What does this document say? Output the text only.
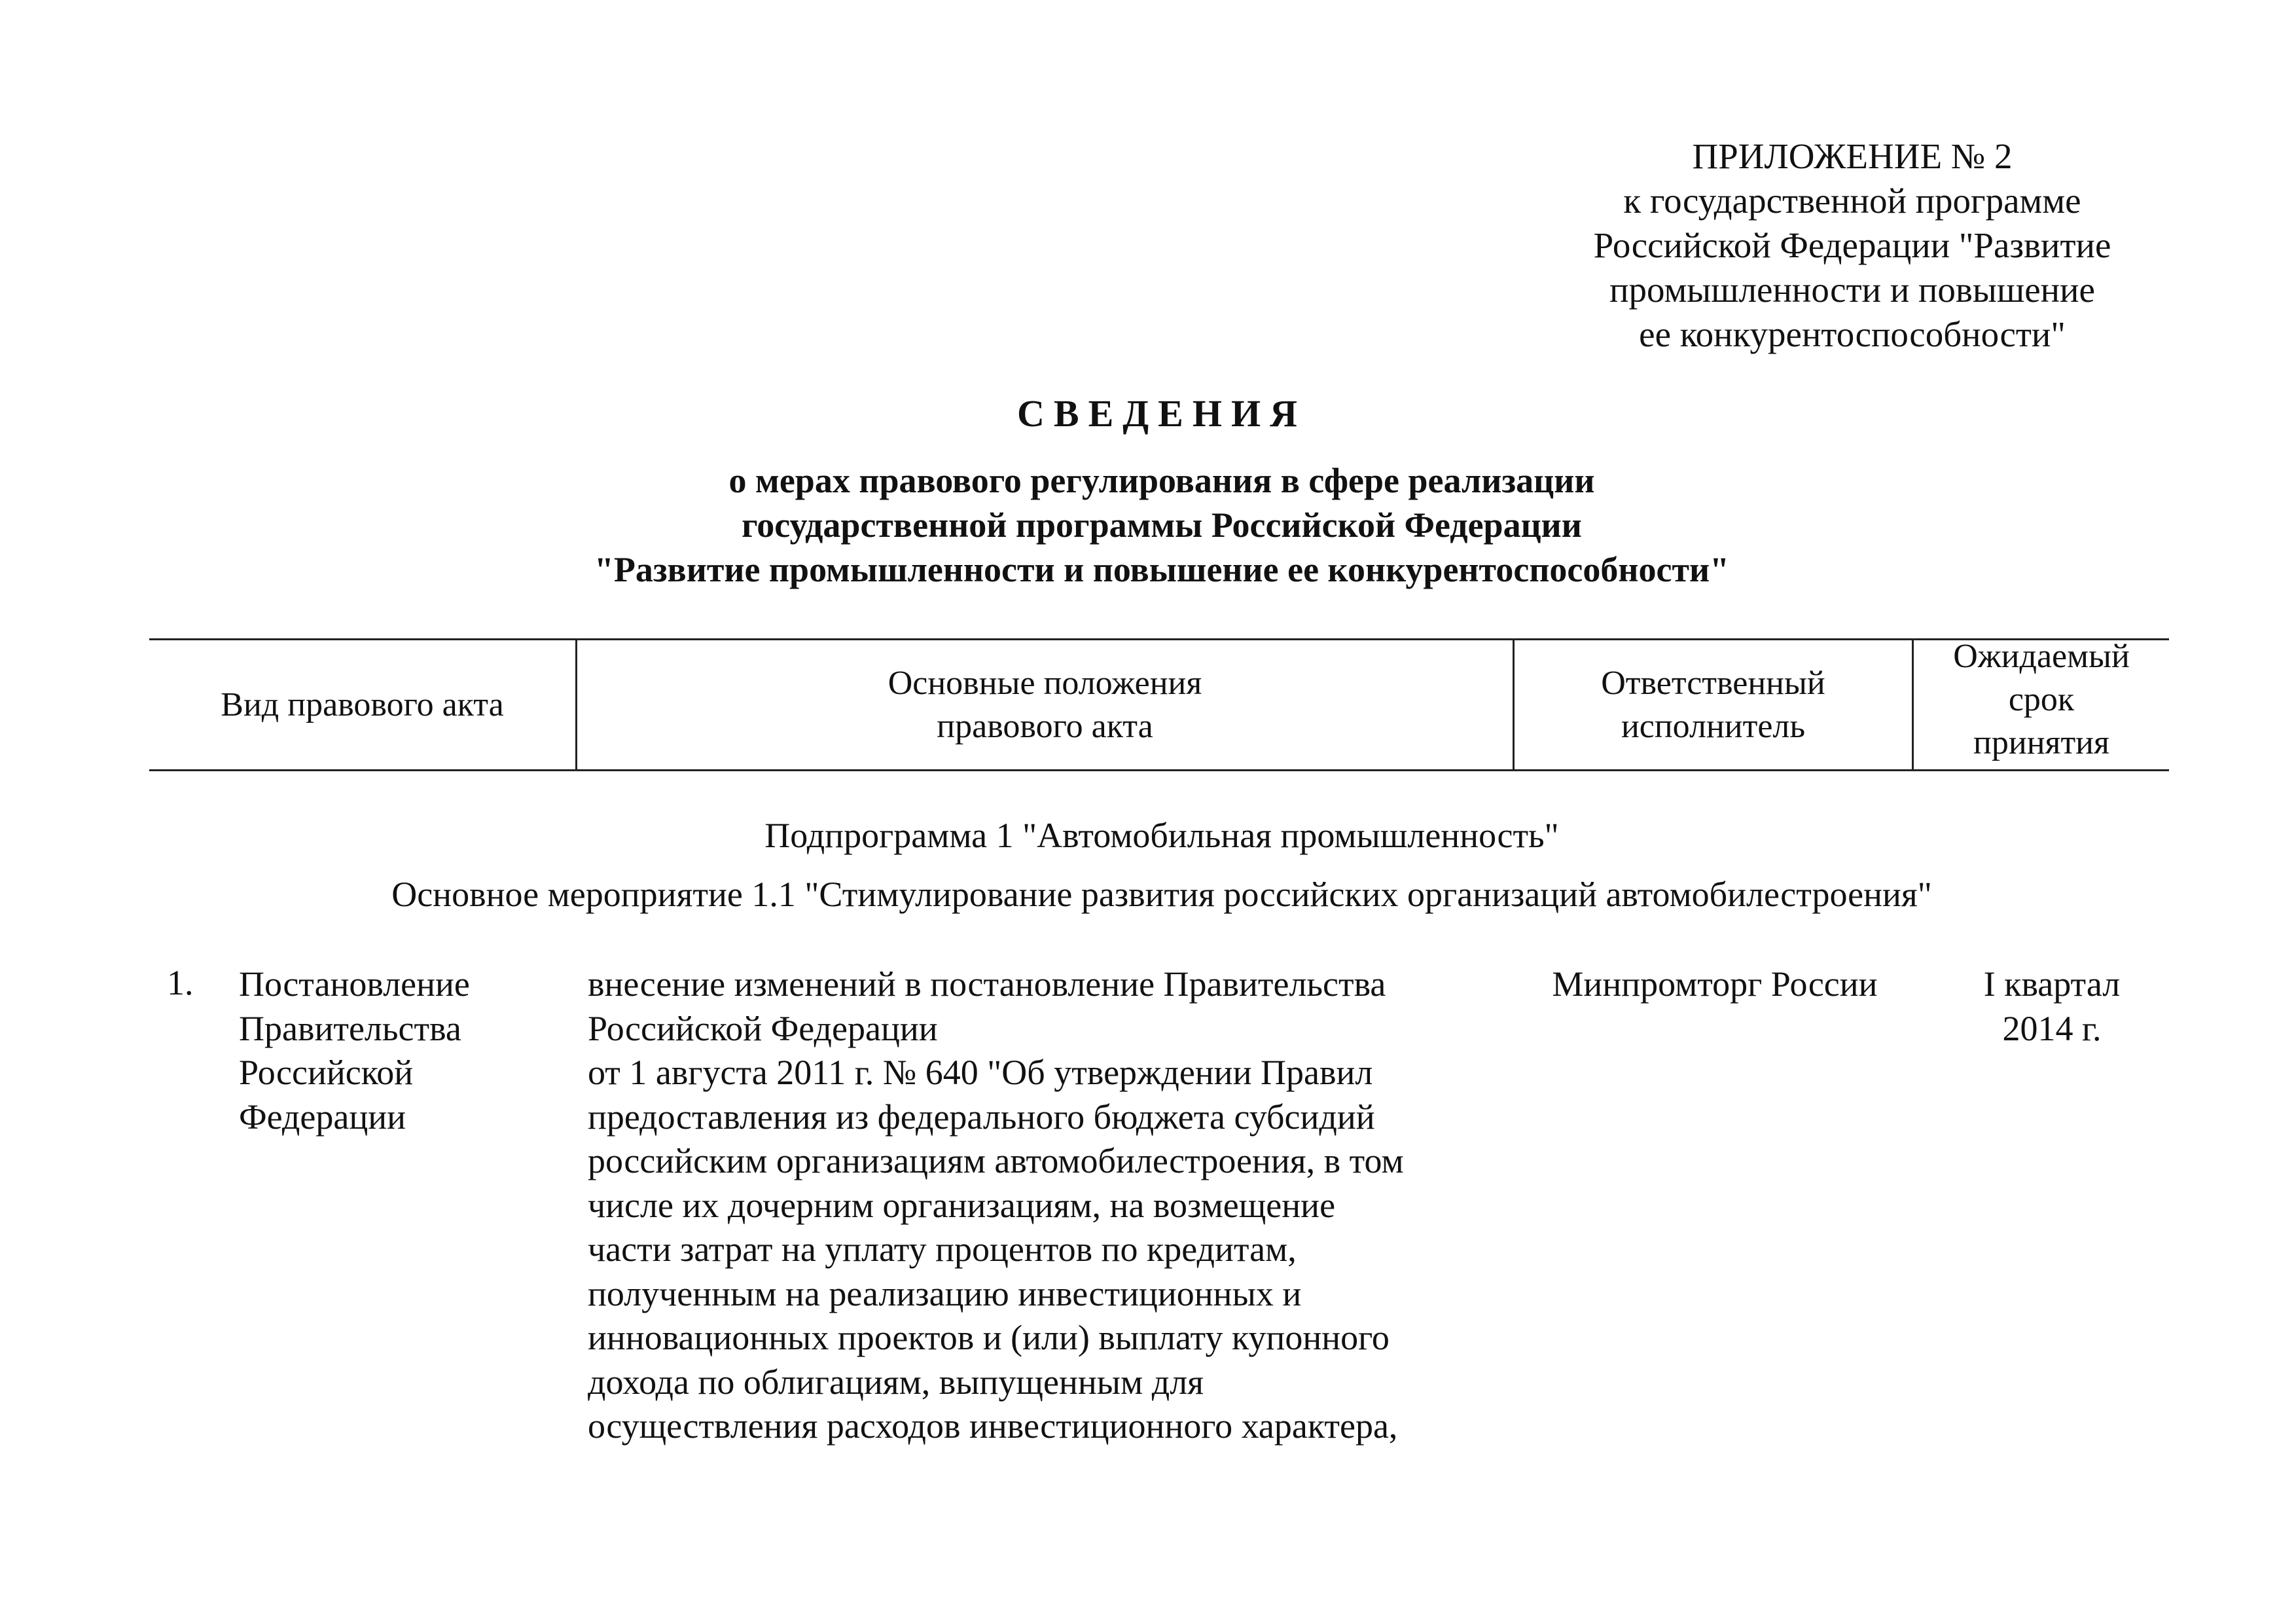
ПРИЛОЖЕНИЕ № 2
к государственной программе
Российской Федерации "Развитие
промышленности и повышение
ее конкурентоспособности"
СВЕДЕНИЯ
о мерах правового регулирования в сфере реализации
государственной программы Российской Федерации
"Развитие промышленности и повышение ее конкурентоспособности"
Вид правового акта
Основные положения
правового акта
Ответственный
исполнитель
Ожидаемый
срок
принятия
Подпрограмма 1 "Автомобильная промышленность"
Основное мероприятие 1.1 "Стимулирование развития российских организаций автомобилестроения"
1. Постановление
Правительства
Российской
Федерации
внесение изменений в постановление Правительства
Российской Федерации
от 1 августа 2011 г. № 640 "Об утверждении Правил
предоставления из федерального бюджета субсидий
российским организациям автомобилестроения, в том
числе их дочерним организациям, на возмещение
части затрат на уплату процентов по кредитам,
полученным на реализацию инвестиционных и
инновационных проектов и (или) выплату купонного
дохода по облигациям, выпущенным для
осуществления расходов инвестиционного характера,
Минпромторг России	I квартал
2014 г.
